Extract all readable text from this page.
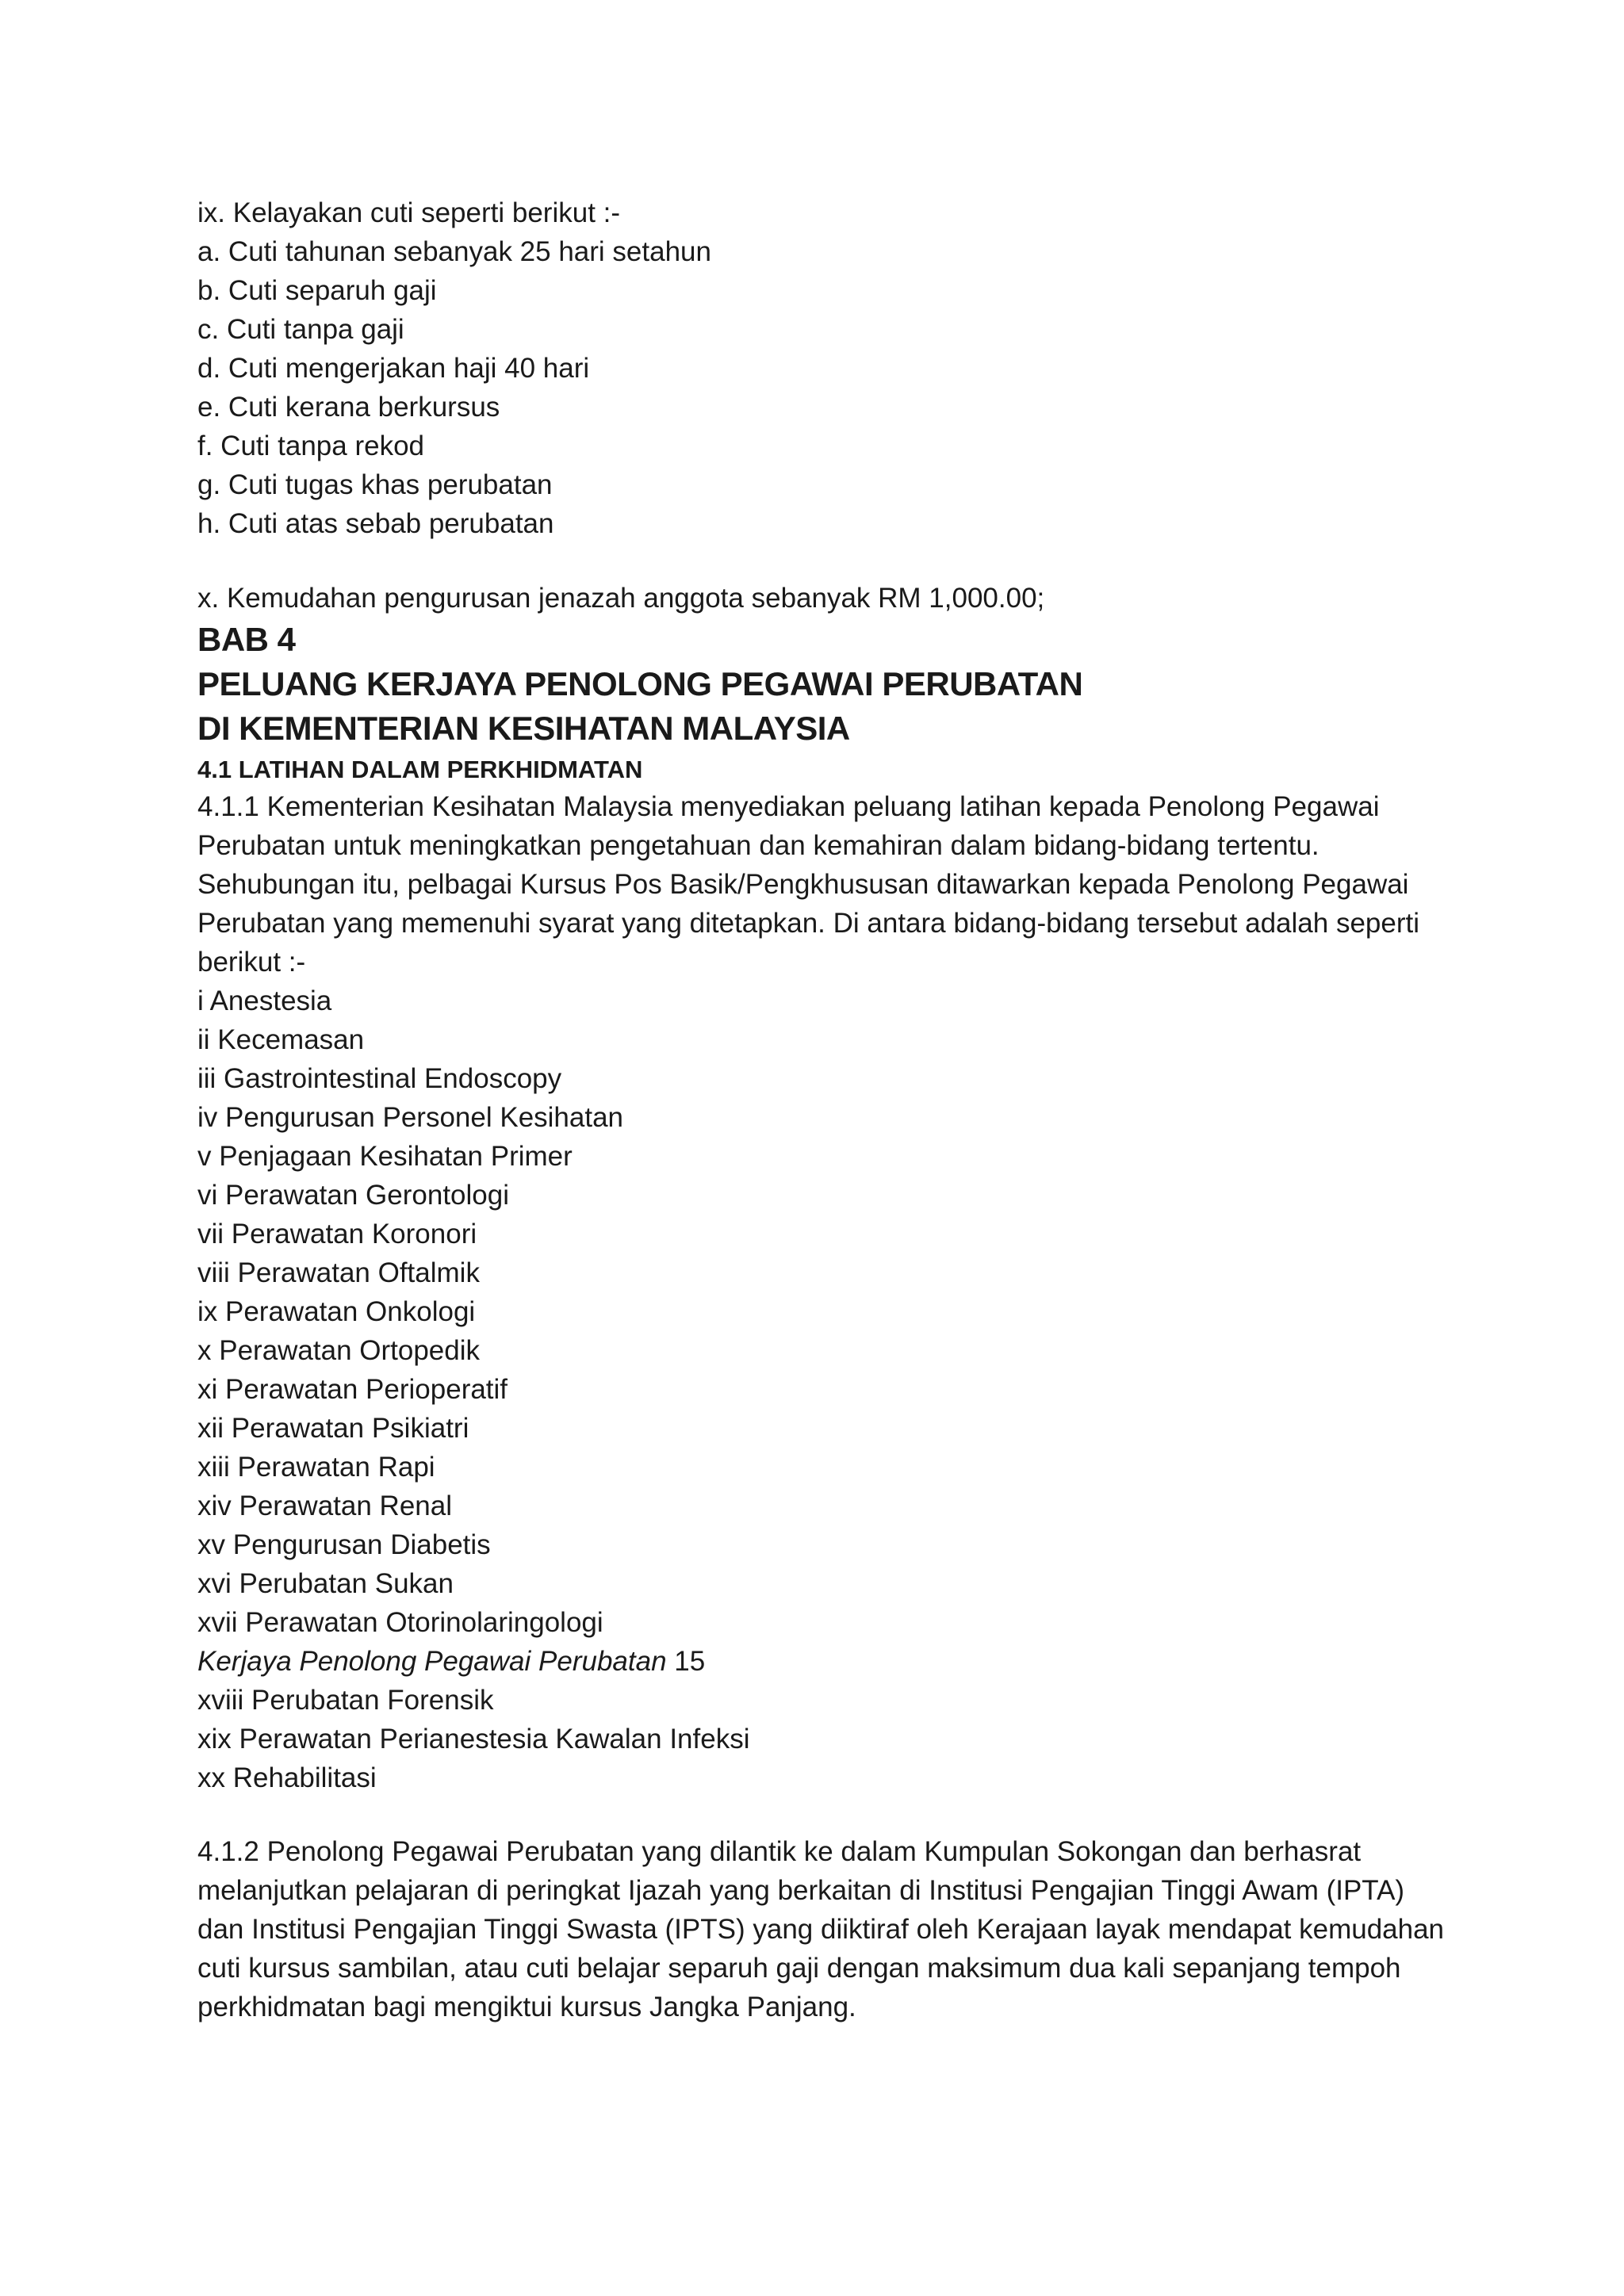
ix. Kelayakan cuti seperti berikut :-

a. Cuti tahunan sebanyak 25 hari setahun

b. Cuti separuh gaji

c. Cuti tanpa gaji

d. Cuti mengerjakan haji 40 hari

e. Cuti kerana berkursus

f. Cuti tanpa rekod

g. Cuti tugas khas perubatan

h. Cuti atas sebab perubatan

x. Kemudahan pengurusan jenazah anggota sebanyak RM 1,000.00;

BAB 4

PELUANG KERJAYA PENOLONG PEGAWAI PERUBATAN

DI KEMENTERIAN KESIHATAN MALAYSIA

4.1 LATIHAN DALAM PERKHIDMATAN

4.1.1 Kementerian Kesihatan Malaysia menyediakan peluang latihan kepada Penolong Pegawai Perubatan untuk meningkatkan pengetahuan dan kemahiran dalam bidang-bidang tertentu. Sehubungan itu, pelbagai Kursus Pos Basik/Pengkhususan ditawarkan kepada Penolong Pegawai Perubatan yang memenuhi syarat yang ditetapkan. Di antara bidang-bidang tersebut adalah seperti berikut :-

i Anestesia

ii Kecemasan

iii Gastrointestinal Endoscopy

iv Pengurusan Personel Kesihatan

v Penjagaan Kesihatan Primer

vi Perawatan Gerontologi

vii Perawatan Koronori

viii Perawatan Oftalmik

ix Perawatan Onkologi

x Perawatan Ortopedik

xi Perawatan Perioperatif

xii Perawatan Psikiatri

xiii Perawatan Rapi

xiv Perawatan Renal

xv Pengurusan Diabetis

xvi Perubatan Sukan

xvii Perawatan Otorinolaringologi

Kerjaya Penolong Pegawai Perubatan 15

xviii Perubatan Forensik

xix Perawatan Perianestesia Kawalan Infeksi

xx Rehabilitasi

4.1.2 Penolong Pegawai Perubatan yang dilantik ke dalam Kumpulan Sokongan dan berhasrat melanjutkan pelajaran di peringkat Ijazah yang berkaitan di Institusi Pengajian Tinggi Awam (IPTA) dan Institusi Pengajian Tinggi Swasta (IPTS) yang diiktiraf oleh Kerajaan layak mendapat kemudahan cuti kursus sambilan, atau cuti belajar separuh gaji dengan maksimum dua kali sepanjang tempoh perkhidmatan bagi mengiktui kursus Jangka Panjang.
